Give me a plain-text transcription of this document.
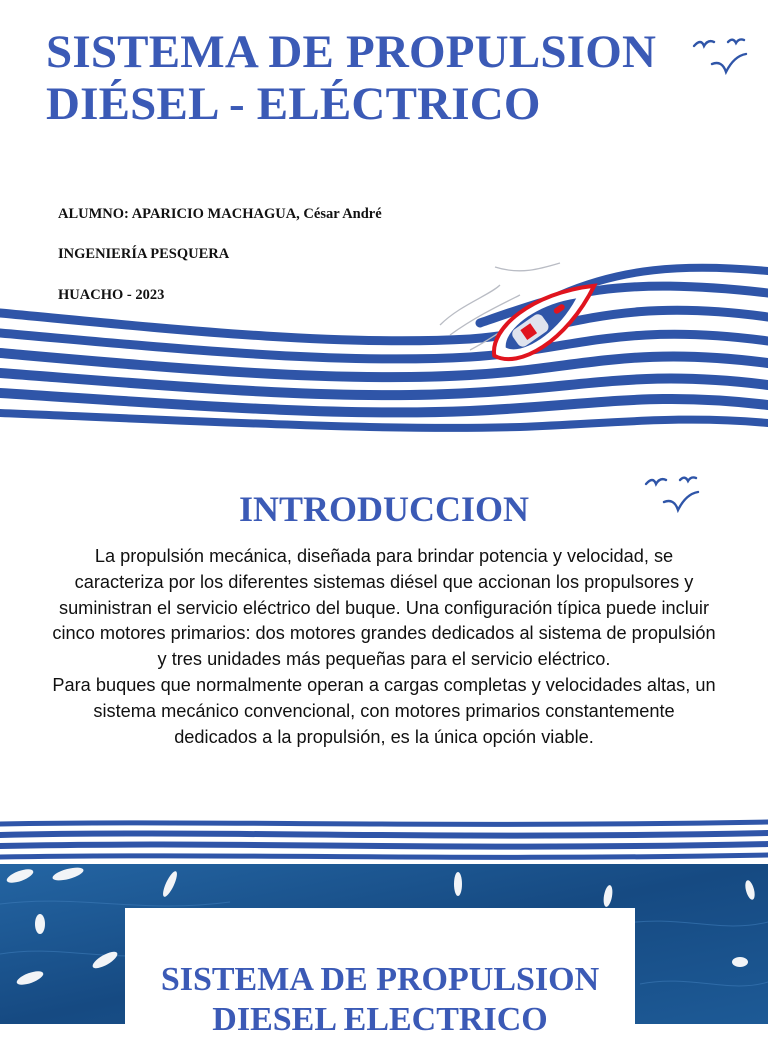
SISTEMA DE PROPULSION DIÉSEL - ELÉCTRICO

ALUMNO: APARICIO MACHAGUA, César André

INGENIERÍA PESQUERA

HUACHO - 2023

INTRODUCCION
La propulsión mecánica, diseñada para brindar potencia y velocidad, se caracteriza por los diferentes sistemas diésel que accionan los propulsores y suministran el servicio eléctrico del buque. Una configuración típica puede incluir cinco motores primarios: dos motores grandes dedicados al sistema de propulsión y tres unidades más pequeñas para el servicio eléctrico.
Para buques que normalmente operan a cargas completas y velocidades altas, un sistema mecánico convencional, con motores primarios constantemente dedicados a la propulsión, es la única opción viable.
SISTEMA DE PROPULSION DIESEL ELECTRICO
